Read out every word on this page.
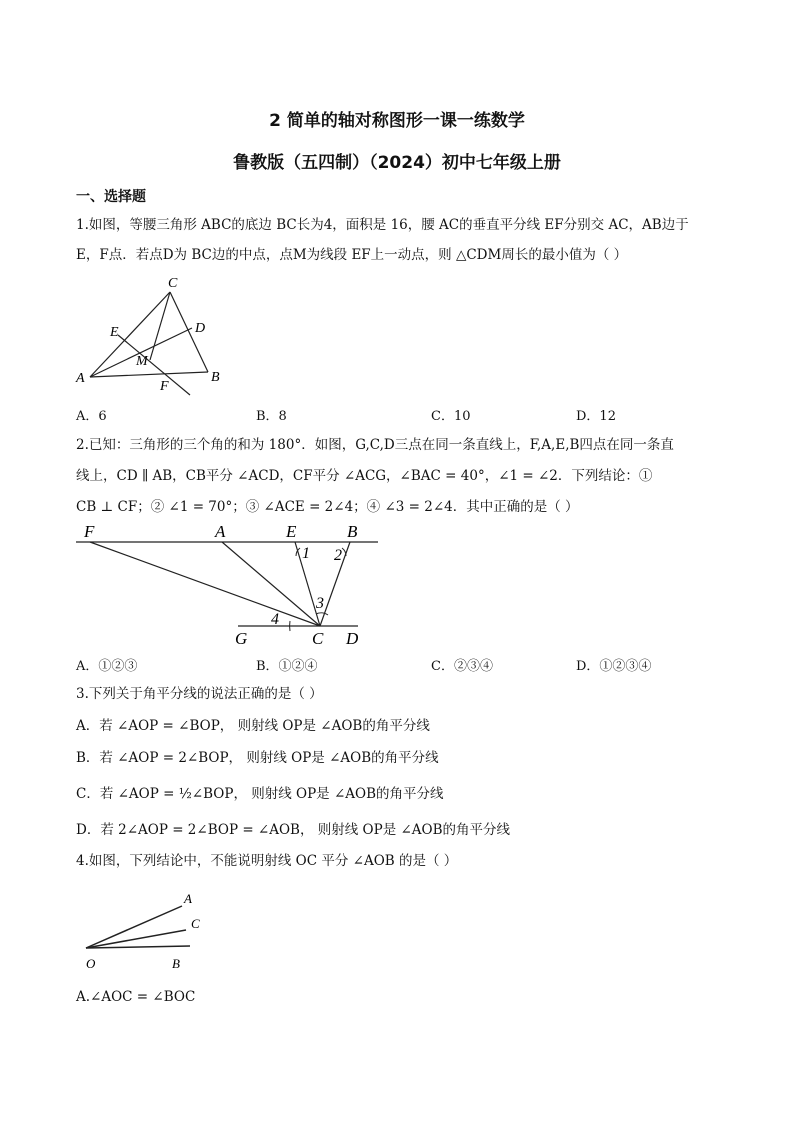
2 简单的轴对称图形一课一练数学
鲁教版（五四制）（2024）初中七年级上册
一、选择题
1.如图，等腰三角形 ABC的底边 BC长为4，面积是 16，腰 AC的垂直平分线 EF分别交 AC，AB边于
E，F点．若点D为 BC边的中点，点M为线段 EF上一动点，则 △CDM周长的最小值为（ ）
C
E	D
M
A
F
B
A．6	B．8	C．10	D．12
2.已知：三角形的三个角的和为 180°．如图，G,C,D三点在同一条直线上，F,A,E,B四点在同一条直
线上，CD ∥ AB，CB平分 ∠ACD，CF平分 ∠ACG，∠BAC = 40°，∠1 = ∠2．下列结论：①
CB ⊥ CF；② ∠1 = 70°；③ ∠ACE = 2∠4；④ ∠3 = 2∠4．其中正确的是（ ）
F	A	E	B
1 2
3
4
G	C D
A．①②③	B．①②④	C．②③④	D．①②③④
3.下列关于角平分线的说法正确的是（ ）
A．若 ∠AOP = ∠BOP， 则射线 OP是 ∠AOB的角平分线
B．若 ∠AOP = 2∠BOP， 则射线 OP是 ∠AOB的角平分线
C．若 ∠AOP = ½∠BOP， 则射线 OP是 ∠AOB的角平分线
D．若 2∠AOP = 2∠BOP = ∠AOB， 则射线 OP是 ∠AOB的角平分线
4.如图，下列结论中，不能说明射线 OC 平分 ∠AOB 的是（ ）
A
C
O	B
A.∠AOC = ∠BOC
